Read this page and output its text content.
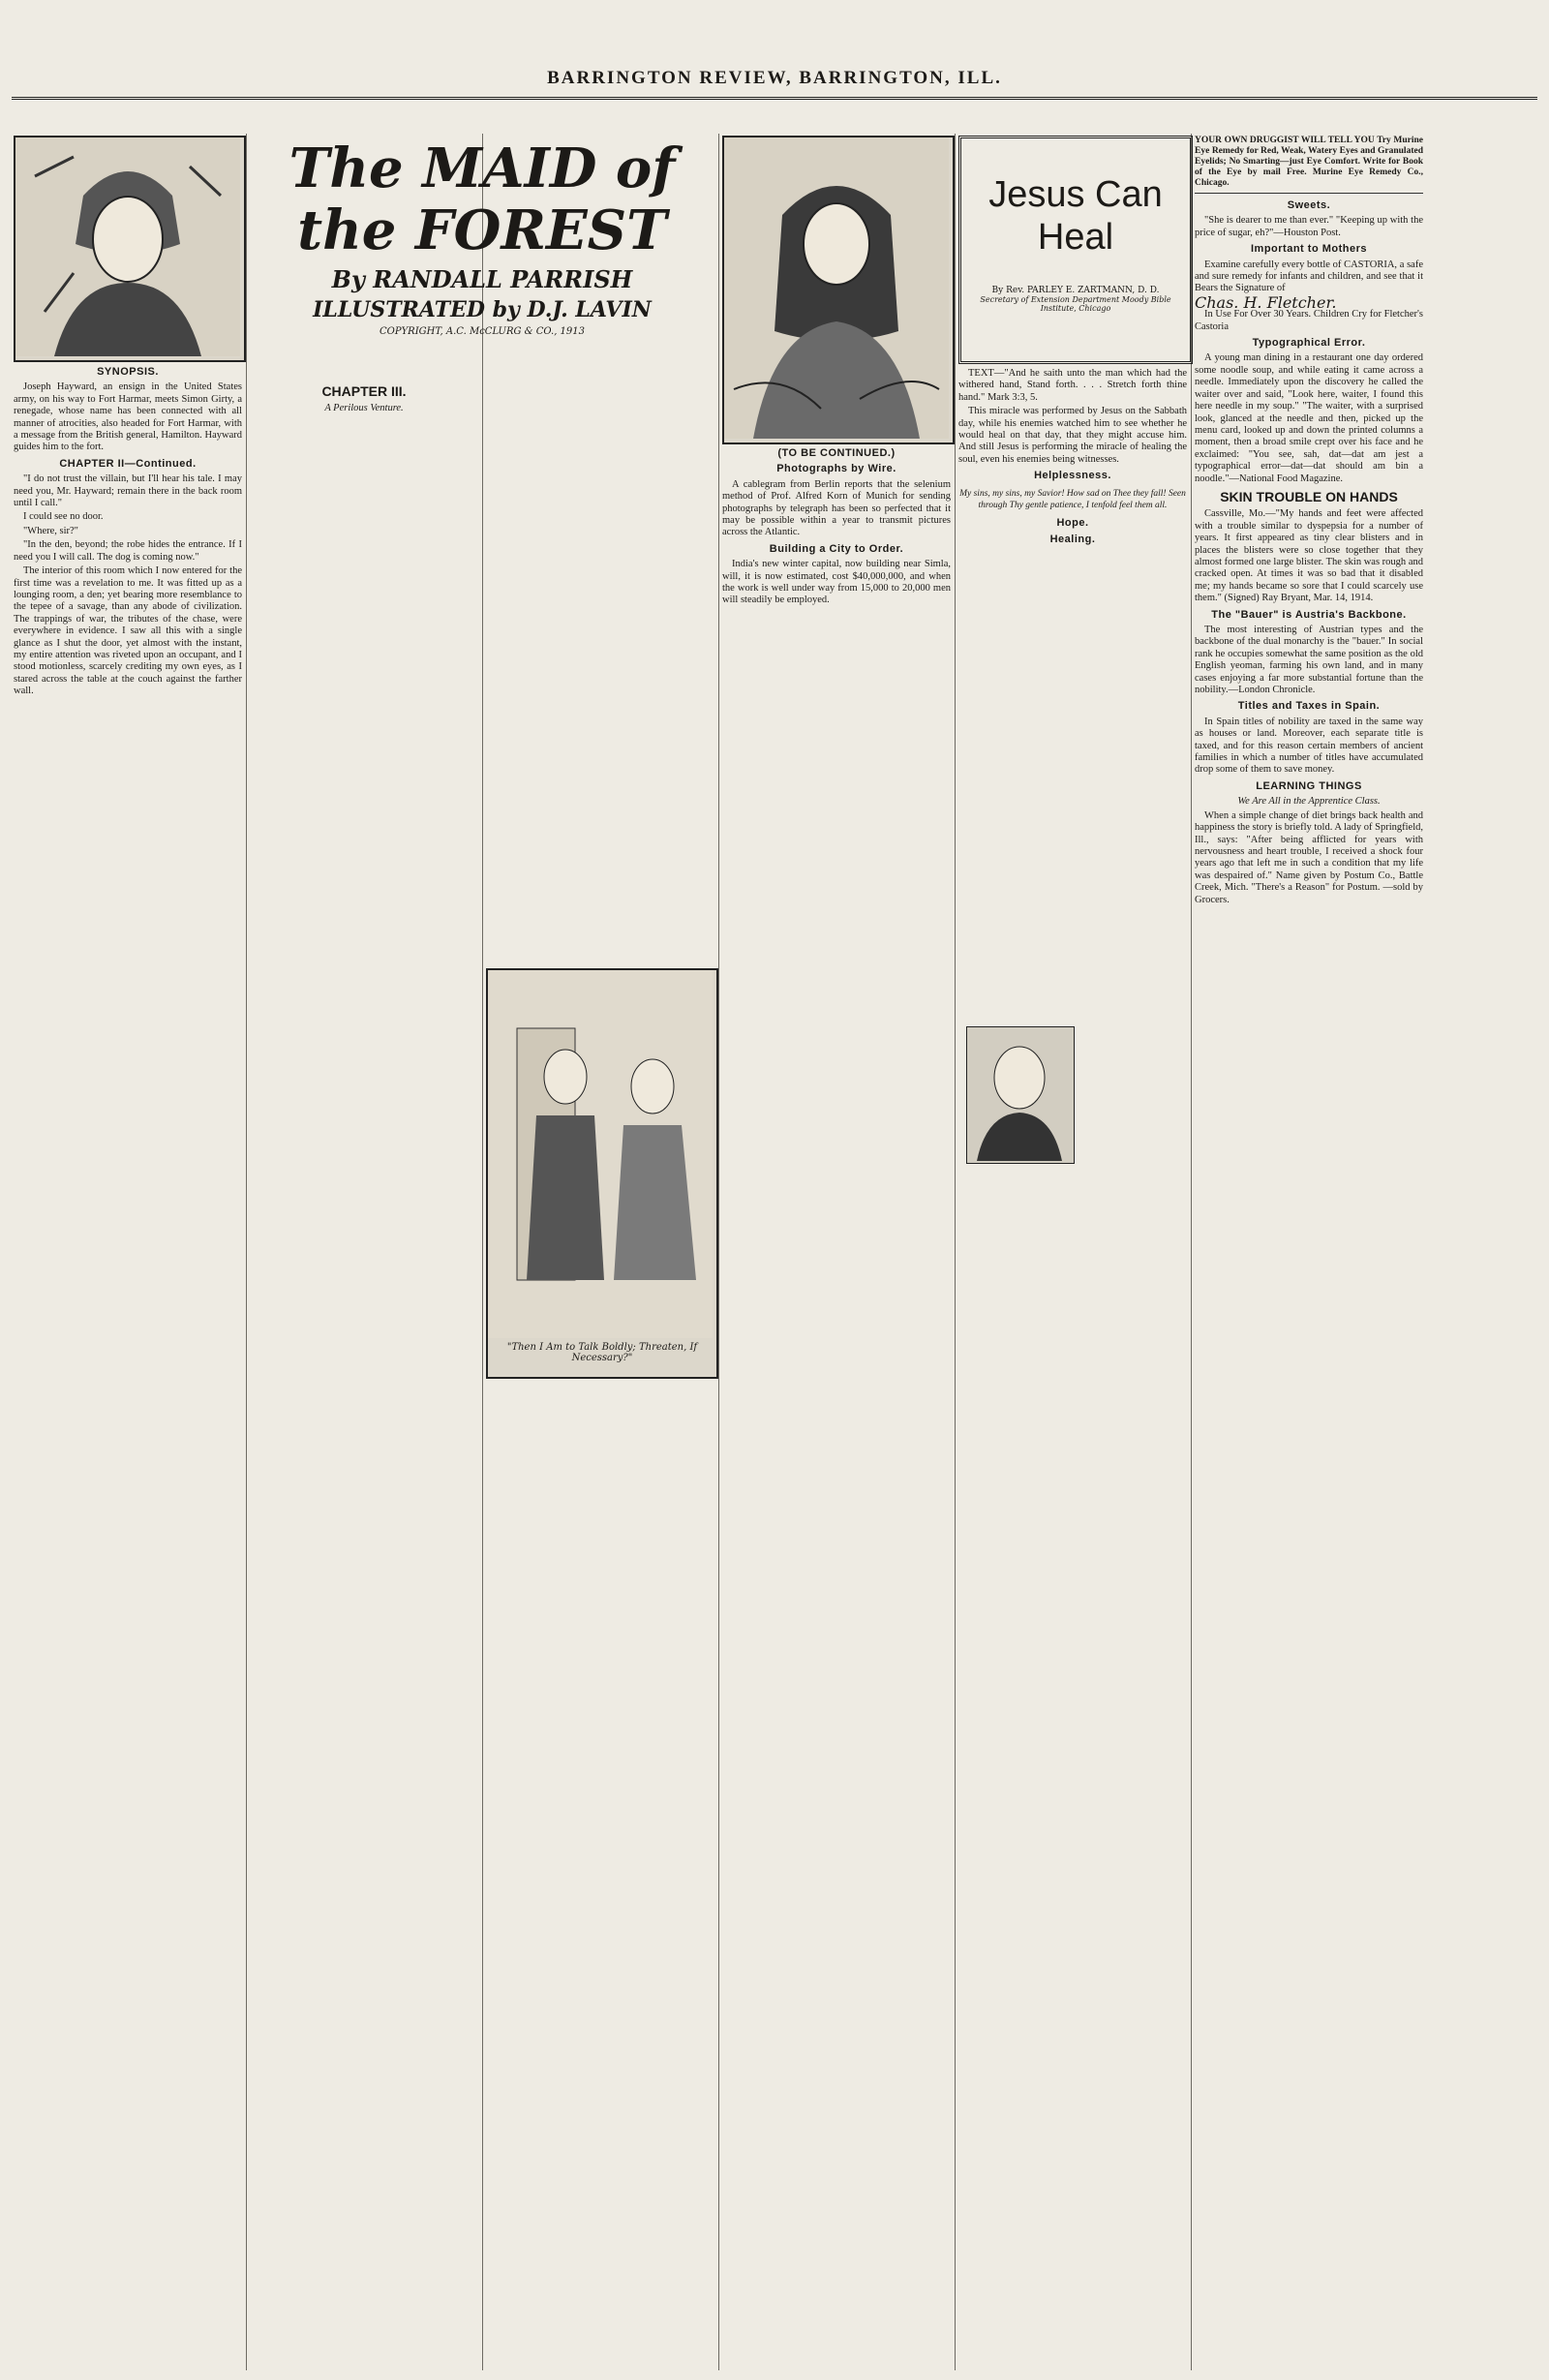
BARRINGTON REVIEW, BARRINGTON, ILL.
The MAID of
the FOREST
By RANDALL PARRISH
ILLUSTRATED by D.J. LAVIN
COPYRIGHT, A.C. McCLURG & CO., 1913
"Then I Am to Talk Boldly; Threaten, If Necessary?"
Jesus Can Heal
By Rev. PARLEY E. ZARTMANN, D. D.
Secretary of Extension Department Moody Bible Institute, Chicago
SYNOPSIS.

Joseph Hayward, an ensign in the United States army, on his way to Fort Harmar, meets Simon Girty, a renegade, whose name has been connected with all manner of atrocities, also headed for Fort Harmar, with a message from the British general, Hamilton. Hayward guides him to the fort.

CHAPTER II—Continued.

"I do not trust the villain, but I'll hear his tale. I may need you, Mr. Hayward; remain there in the back room until I call."

I could see no door.

"Where, sir?"

"In the den, beyond; the robe hides the entrance. If I need you I will call. The dog is coming now."

The interior of this room which I now entered for the first time was a revelation to me. It was fitted up as a lounging room, a den; yet bearing more resemblance to the tepee of a savage, than any abode of civilization. The trappings of war, the tributes of the chase, were everywhere in evidence. I saw all this with a single glance as I shut the door, yet almost with the instant, my entire attention was riveted upon an occupant, and I stood motionless, scarcely crediting my own eyes, as I stared across the table at the couch against the farther wall.

CHAPTER III.
A Perilous Venture.
(TO BE CONTINUED.)
Photographs by Wire.

A cablegram from Berlin reports that the selenium method of Prof. Alfred Korn of Munich for sending photographs by telegraph has been so perfected that it may be possible within a year to transmit pictures across the Atlantic.

Building a City to Order.

India's new winter capital, now building near Simla, will, it is now estimated, cost $40,000,000, and when the work is well under way from 15,000 to 20,000 men will steadily be employed.

TEXT—"And he saith unto the man which had the withered hand, Stand forth. . . . Stretch forth thine hand." Mark 3:3, 5.

This miracle was performed by Jesus on the Sabbath day, while his enemies watched him to see whether he would heal on that day, that they might accuse him. And still Jesus is performing the miracle of healing the soul, even his enemies being witnesses.

Helplessness.
My sins, my sins, my Savior! How sad on Thee they fall! Seen through Thy gentle patience, I tenfold feel them all.
Hope.
Healing.
YOUR OWN DRUGGIST WILL TELL YOU Try Murine Eye Remedy for Red, Weak, Watery Eyes and Granulated Eyelids; No Smarting—just Eye Comfort. Write for Book of the Eye by mail Free. Murine Eye Remedy Co., Chicago.
Sweets.

"She is dearer to me than ever." "Keeping up with the price of sugar, eh?"—Houston Post.

Important to Mothers

Examine carefully every bottle of CASTORIA, a safe and sure remedy for infants and children, and see that it Bears the Signature of

Chas. H. Fletcher.

In Use For Over 30 Years. Children Cry for Fletcher's Castoria

Typographical Error.

A young man dining in a restaurant one day ordered some noodle soup, and while eating it came across a needle. Immediately upon the discovery he called the waiter over and said, "Look here, waiter, I found this here needle in my soup." "The waiter, with a surprised look, glanced at the needle and then, picked up the menu card, looked up and down the printed columns a moment, then a broad smile crept over his face and he exclaimed: "You see, sah, dat—dat am jest a typographical error—dat—dat should am bin a noodle."—National Food Magazine.

SKIN TROUBLE ON HANDS

Cassville, Mo.—"My hands and feet were affected with a trouble similar to dyspepsia for a number of years. It first appeared as tiny clear blisters and in places the blisters were so close together that they almost formed one large blister. The skin was rough and cracked open. At times it was so bad that it disabled me; my hands became so sore that I could scarcely use them." (Signed) Ray Bryant, Mar. 14, 1914.

The "Bauer" is Austria's Backbone.

The most interesting of Austrian types and the backbone of the dual monarchy is the "bauer." In social rank he occupies somewhat the same position as the old English yeoman, farming his own land, and in many cases enjoying a far more substantial fortune than the nobility.—London Chronicle.

Titles and Taxes in Spain.

In Spain titles of nobility are taxed in the same way as houses or land. Moreover, each separate title is taxed, and for this reason certain members of ancient families in which a number of titles have accumulated drop some of them to save money.

LEARNING THINGS
We Are All in the Apprentice Class.

When a simple change of diet brings back health and happiness the story is briefly told. A lady of Springfield, Ill., says: "After being afflicted for years with nervousness and heart trouble, I received a shock four years ago that left me in such a condition that my life was despaired of." Name given by Postum Co., Battle Creek, Mich. "There's a Reason" for Postum. —sold by Grocers.
